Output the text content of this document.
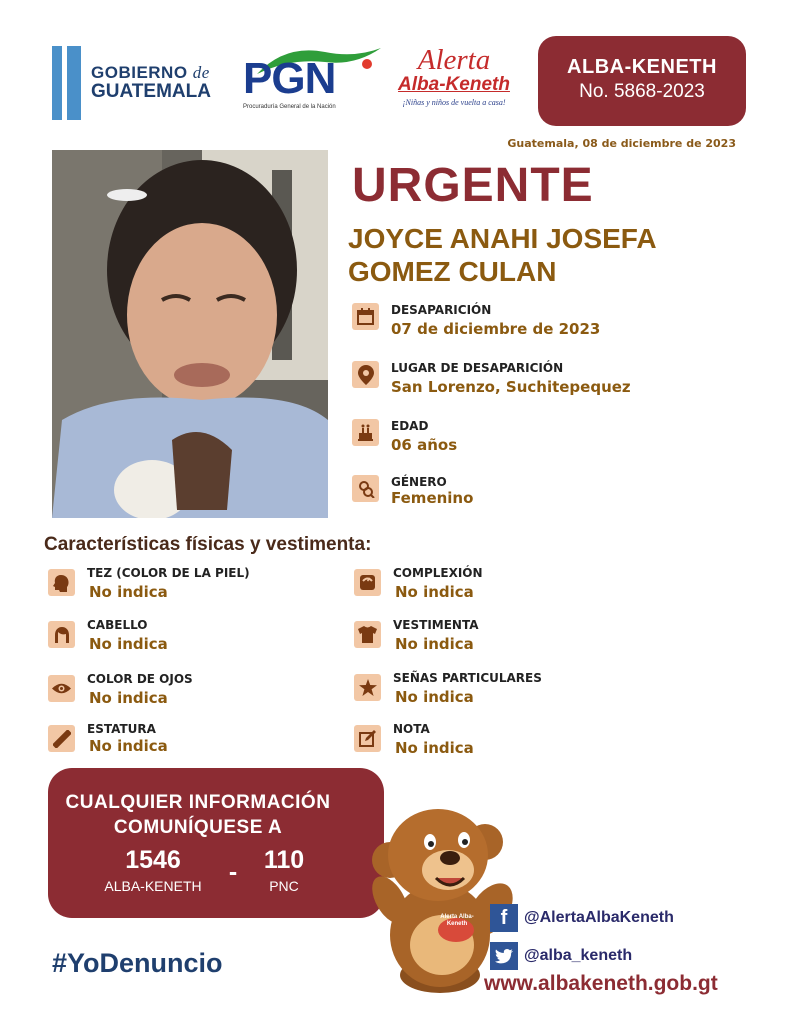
GOBIERNO de
GUATEMALA PGN
Procuraduría General de la Nación
Alerta
Alba-Keneth
¡Niñas y niños de vuelta a casa!
ALBA-KENETH
No. 5868-2023
Guatemala, 08 de diciembre de 2023
URGENTE
JOYCE ANAHI JOSEFA
GOMEZ CULAN
DESAPARICIÓN
07 de diciembre de 2023
LUGAR DE DESAPARICIÓN
San Lorenzo, Suchitepequez
EDAD
06 años
GÉNERO
Femenino
Características físicas y vestimenta:
TEZ (COLOR DE LA PIEL)
No indica
COMPLEXIÓN
No indica
CABELLO
No indica
VESTIMENTA
No indica
COLOR DE OJOS
No indica
SEÑAS PARTICULARES
No indica
ESTATURA
No indica
NOTA
No indica
CUALQUIER INFORMACIÓN
COMUNÍQUESE A
1546
ALBA-KENETH	-	110
PNC
#YoDenuncio
Alerta Alba-Keneth	f	@AlertaAlbaKeneth
@alba_keneth
www.albakeneth.gob.gt
